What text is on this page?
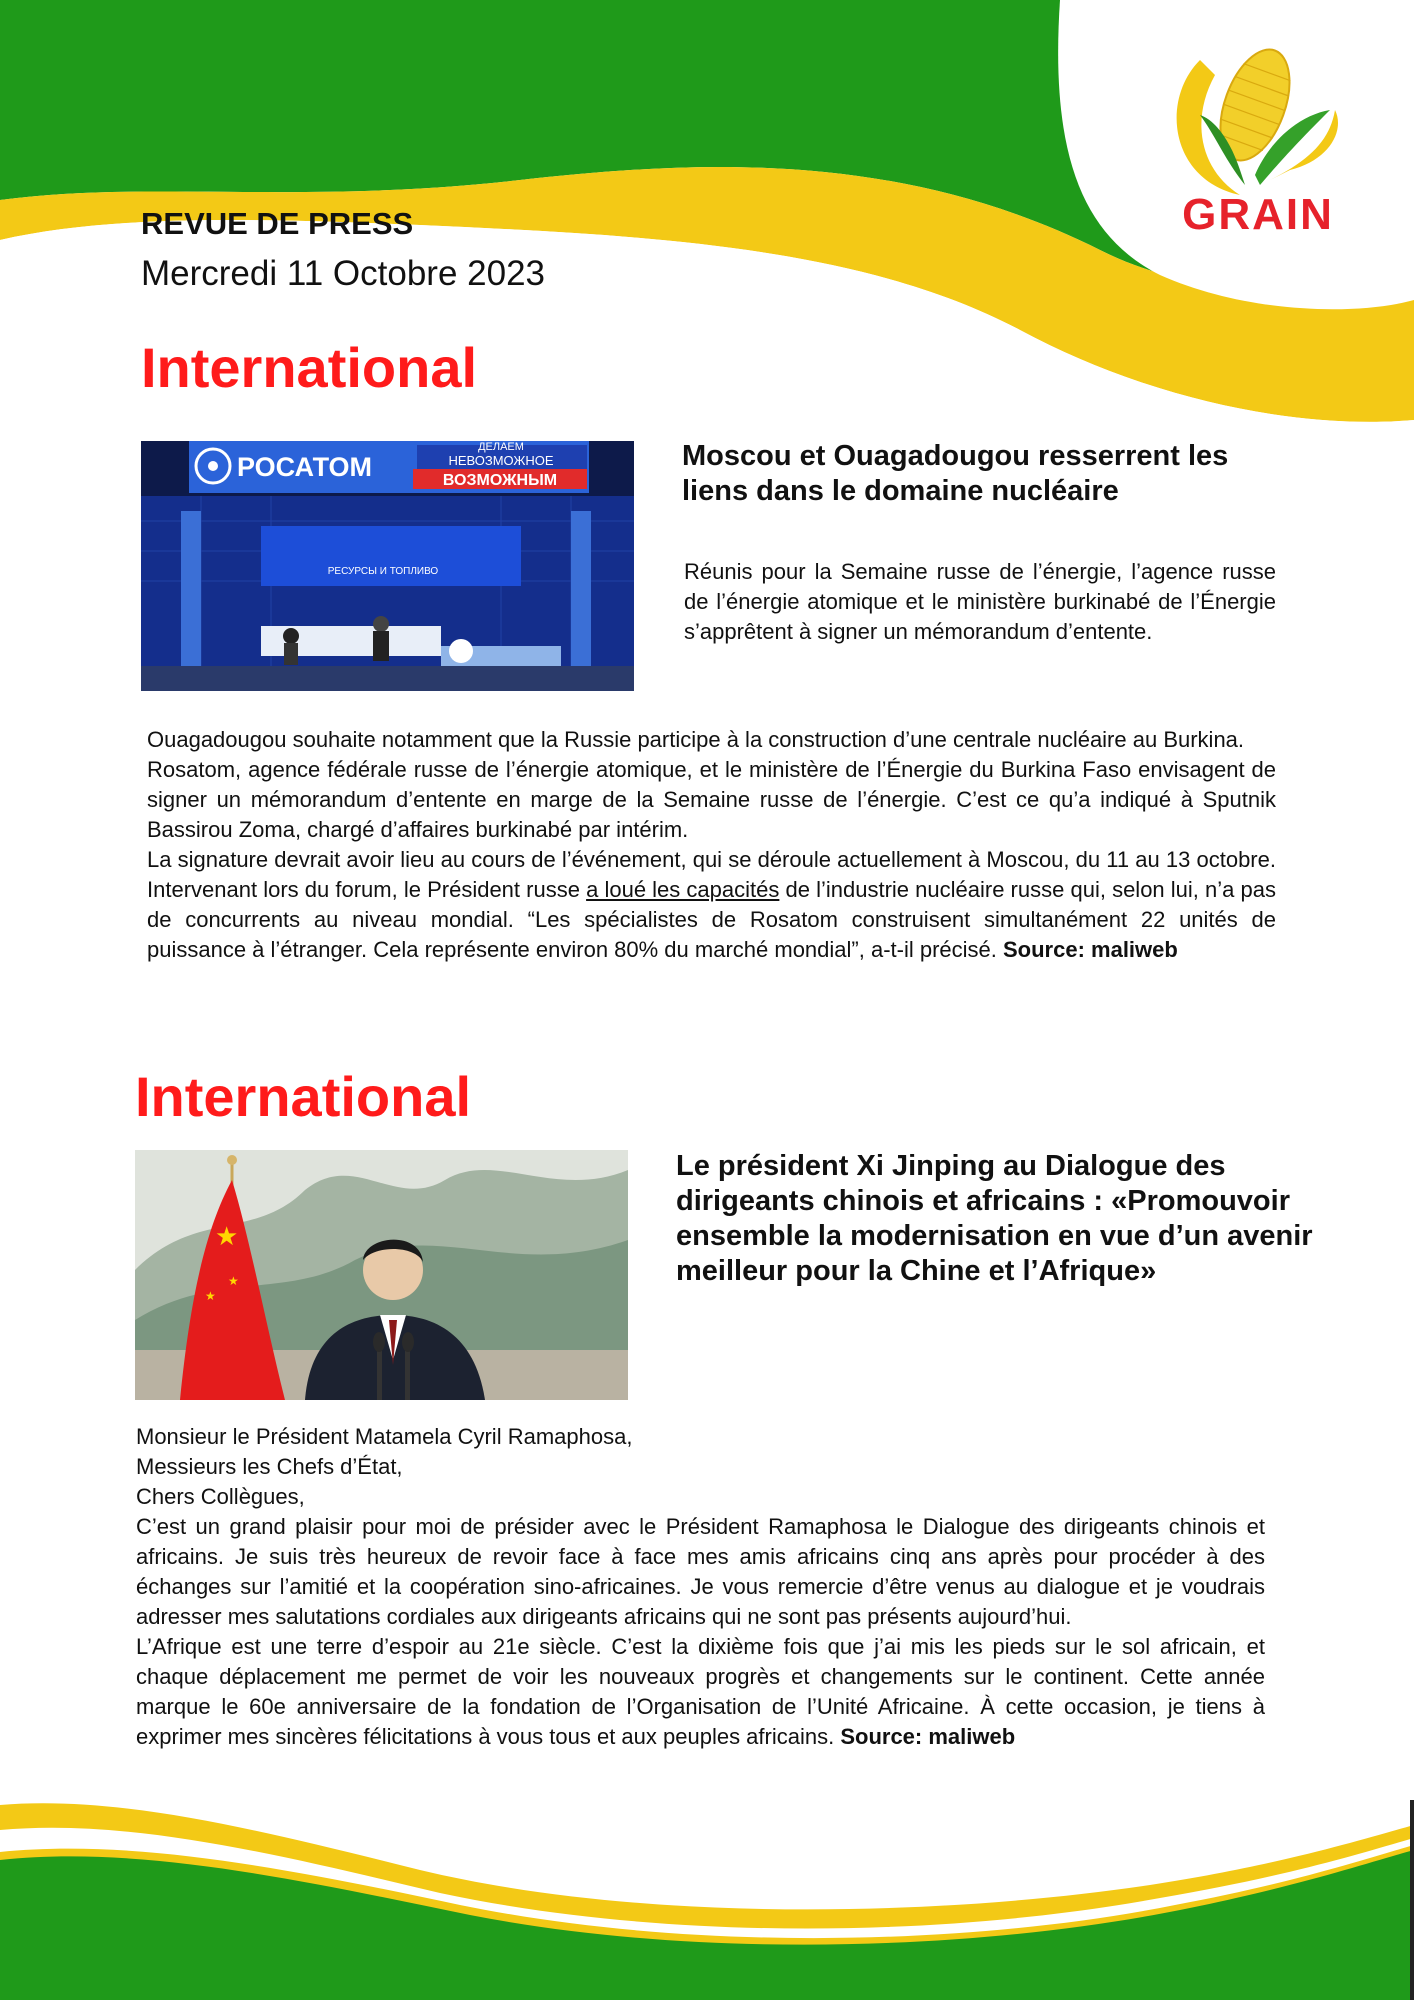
GRAIN
REVUE DE PRESS
Mercredi 11 Octobre 2023
International
РОСАТОМ
ДЕЛАЕМ
НЕВОЗМОЖНОЕ
ВОЗМОЖНЫМ
РЕСУРСЫ И ТОПЛИВО
Moscou et Ouagadougou resserrent les liens dans le domaine nucléaire
Réunis pour la Semaine russe de l’énergie, l’agence russe de l’énergie atomique et le ministère burkinabé de l’Énergie s’apprêtent à signer un mémorandum d’entente.

Ouagadougou souhaite notamment que la Russie participe à la construction d’une centrale nucléaire au Burkina.

Rosatom, agence fédérale russe de l’énergie atomique, et le ministère de l’Énergie du Burkina Faso envisagent de signer un mémorandum d’entente en marge de la Semaine russe de l’énergie. C’est ce qu’a indiqué à Sputnik Bassirou Zoma, chargé d’affaires burkinabé par intérim.

La signature devrait avoir lieu au cours de l’événement, qui se déroule actuellement à Moscou, du 11 au 13 octobre. Intervenant lors du forum, le Président russe a loué les capacités de l’industrie nucléaire russe qui, selon lui, n’a pas de concurrents au niveau mondial. “Les spécialistes de Rosatom construisent simultanément 22 unités de puissance à l’étranger. Cela représente environ 80% du marché mondial”, a-t-il précisé. Source: maliweb

International
★
★
★
Le président Xi Jinping au Dialogue des dirigeants chinois et africains : «Promouvoir ensemble la modernisation en vue d’un avenir meilleur pour la Chine et l’Afrique»

Monsieur le Président Matamela Cyril Ramaphosa,

Messieurs les Chefs d’État,

Chers Collègues,

C’est un grand plaisir pour moi de présider avec le Président Ramaphosa le Dialogue des dirigeants chinois et africains. Je suis très heureux de revoir face à face mes amis africains cinq ans après pour procéder à des échanges sur l’amitié et la coopération sino-africaines. Je vous remercie d’être venus au dialogue et je voudrais adresser mes salutations cordiales aux dirigeants africains qui ne sont pas présents aujourd’hui.

L’Afrique est une terre d’espoir au 21e siècle. C’est la dixième fois que j’ai mis les pieds sur le sol africain, et chaque déplacement me permet de voir les nouveaux progrès et changements sur le continent. Cette année marque le 60e anniversaire de la fondation de l’Organisation de l’Unité Africaine. À cette occasion, je tiens à exprimer mes sincères félicitations à vous tous et aux peuples africains. Source: maliweb
